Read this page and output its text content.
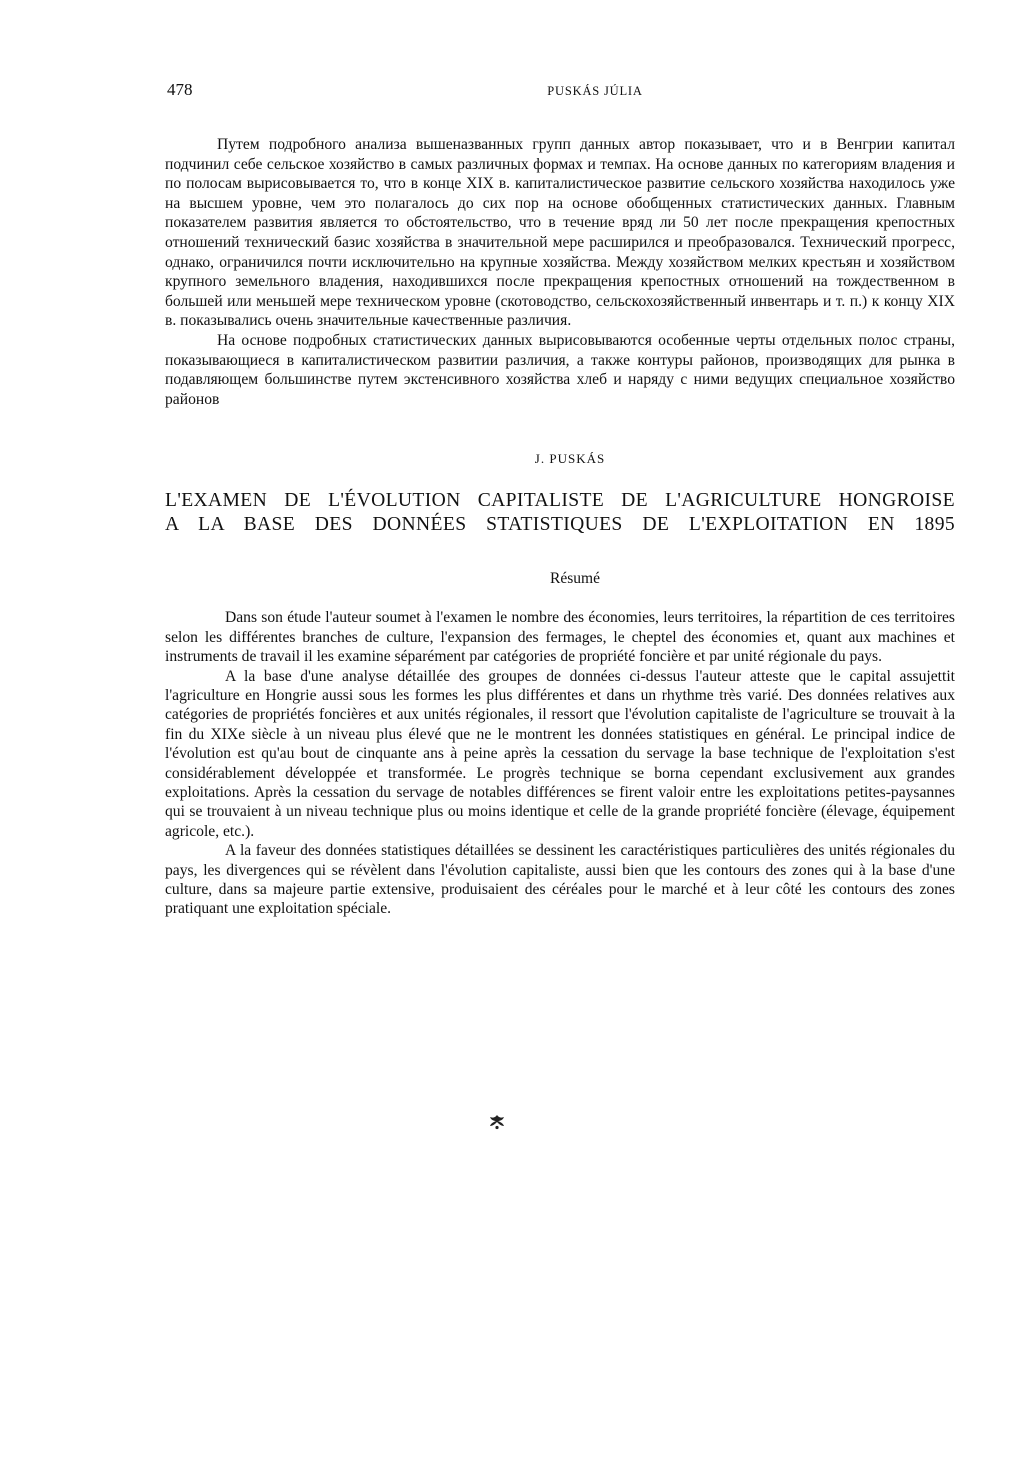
478	PUSKÁS JÚLIA

Путем подробного анализа вышеназванных групп данных автор показывает, что и в Венгрии капитал подчинил себе сельское хозяйство в самых различных формах и темпах. На основе данных по категориям владения и по полосам вырисовывается то, что в конце XIX в. капиталистическое развитие сельского хозяйства находилось уже на высшем уровне, чем это полагалось до сих пор на основе обобщенных статистических данных. Главным показателем развития является то обстоятельство, что в течение вряд ли 50 лет после прекращения крепостных отношений технический базис хозяйства в значительной мере расширился и преобразовался. Технический прогресс, однако, ограничился почти исключительно на крупные хозяйства. Между хозяйством мелких крестьян и хозяйством крупного земельного владения, находившихся после прекращения крепостных отношений на тождественном в большей или меньшей мере техническом уровне (скотоводство, сельскохозяйственный инвентарь и т. п.) к концу XIX в. показывались очень значительные качественные различия.

На основе подробных статистических данных вырисовываются особенные черты отдельных полос страны, показывающиеся в капиталистическом развитии различия, а также контуры районов, производящих для рынка в подавляющем большинстве путем экстенсивного хозяйства хлеб и наряду с ними ведущих специальное хозяйство районов

J. PUSKÁS
L'EXAMEN DE L'ÉVOLUTION CAPITALISTE DE L'AGRICULTURE HONGROISE
A LA BASE DES DONNÉES STATISTIQUES DE L'EXPLOITATION EN 1895
Résumé

Dans son étude l'auteur soumet à l'examen le nombre des économies, leurs territoires, la répartition de ces territoires selon les différentes branches de culture, l'expansion des fermages, le cheptel des économies et, quant aux machines et instruments de travail il les examine séparément par catégories de propriété foncière et par unité régionale du pays.

A la base d'une analyse détaillée des groupes de données ci-dessus l'auteur atteste que le capital assujettit l'agriculture en Hongrie aussi sous les formes les plus différentes et dans un rhythme très varié. Des données relatives aux catégories de propriétés foncières et aux unités régionales, il ressort que l'évolution capitaliste de l'agriculture se trouvait à la fin du XIXe siècle à un niveau plus élevé que ne le montrent les données statistiques en général. Le principal indice de l'évolution est qu'au bout de cinquante ans à peine après la cessation du servage la base technique de l'exploitation s'est considérablement développée et transformée. Le progrès technique se borna cependant exclusivement aux grandes exploitations. Après la cessation du servage de notables différences se firent valoir entre les exploitations petites-paysannes qui se trouvaient à un niveau technique plus ou moins identique et celle de la grande propriété foncière (élevage, équipement agricole, etc.).

A la faveur des données statistiques détaillées se dessinent les caractéristiques particulières des unités régionales du pays, les divergences qui se révèlent dans l'évolution capitaliste, aussi bien que les contours des zones qui à la base d'une culture, dans sa majeure partie extensive, produisaient des céréales pour le marché et à leur côté les contours des zones pratiquant une exploitation spéciale.
